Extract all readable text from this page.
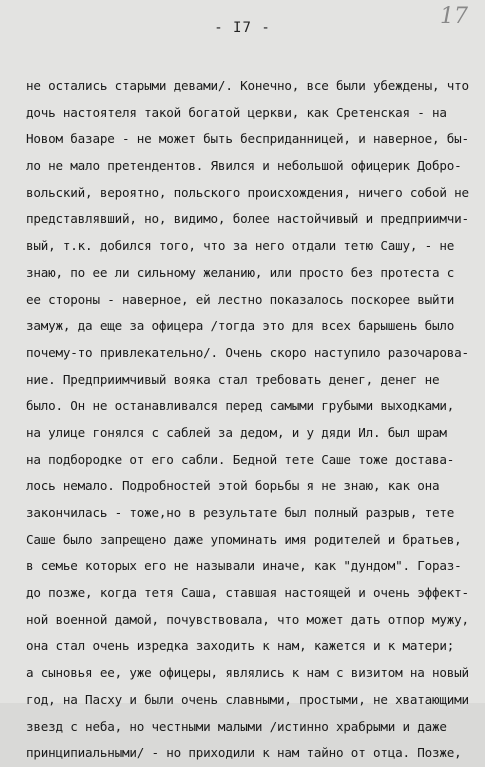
17
- I7 -
не остались старыми девами/. Конечно, все были убеждены, что
дочь настоятеля такой богатой церкви, как Сретенская - на
Новом базаре - не может быть бесприданницей, и наверное, бы-
ло не мало претендентов. Явился и небольшой офицерик Добро-
вольский, вероятно, польского происхождения, ничего собой не
представлявший, но, видимо, более настойчивый и предприимчи-
вый, т.к. добился того, что за него отдали тетю Сашу, - не
знаю, по ее ли сильному желанию, или просто без протеста с
ее стороны - наверное, ей лестно показалось поскорее выйти
замуж, да еще за офицера /тогда это для всех барышень было
почему-то привлекательно/. Очень скоро наступило разочарова-
ние. Предприимчивый вояка стал требовать денег, денег не
было. Он не останавливался перед самыми грубыми выходками,
на улице гонялся с саблей за дедом, и у дяди Ил. был шрам
на подбородке от его сабли. Бедной тете Саше тоже достава-
лось немало. Подробностей этой борьбы я не знаю, как она
закончилась - тоже,но в результате был полный разрыв, тете
Саше было запрещено даже упоминать имя родителей и братьев,
в семье которых его не называли иначе, как "дундом". Гораз-
до позже, когда тетя Саша, ставшая настоящей и очень эффект-
ной военной дамой, почувствовала, что может дать отпор мужу,
она стал очень изредка заходить к нам, кажется и к матери;
а сыновья ее, уже офицеры, являлись к нам с визитом на новый
год, на Пасху и были очень славными, простыми, не хватающими
звезд с неба, но честными малыми /истинно храбрыми и даже
принципиальными/ - но приходили к нам тайно от отца. Позже,
